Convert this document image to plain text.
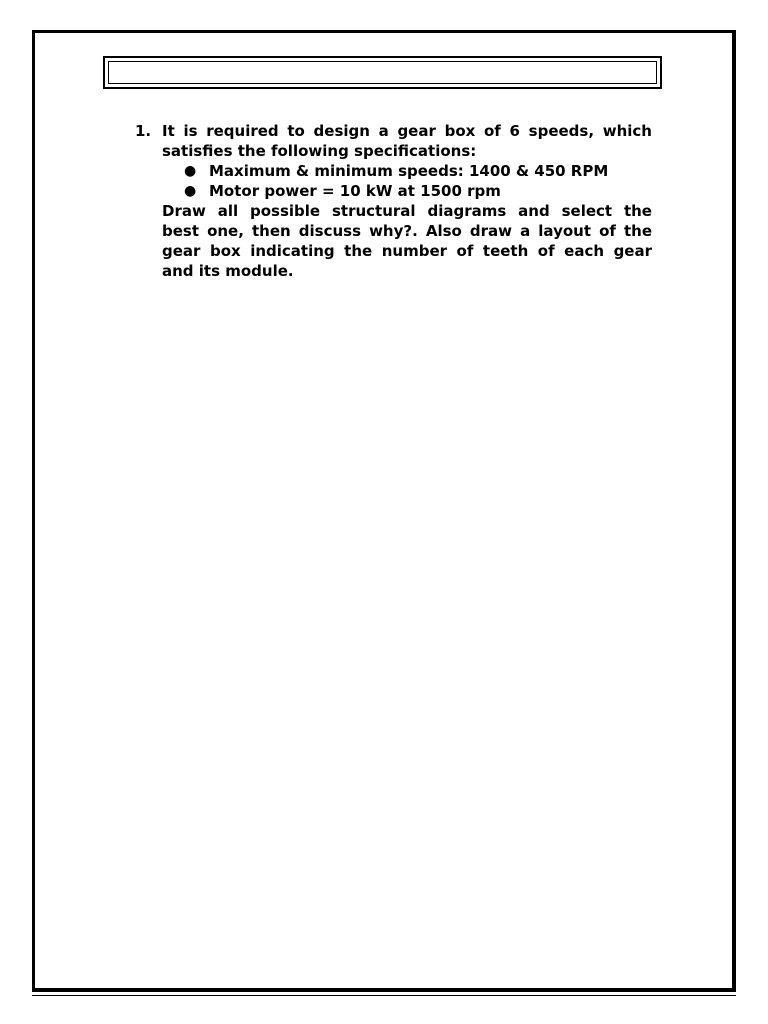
1. It is required to design a gear box of 6 speeds, which
satisfies the following specifications:
● Maximum & minimum speeds: 1400 & 450 RPM
● Motor power = 10 kW at 1500 rpm
Draw all possible structural diagrams and select the
best one, then discuss why?. Also draw a layout of the
gear box indicating the number of teeth of each gear
and its module.
